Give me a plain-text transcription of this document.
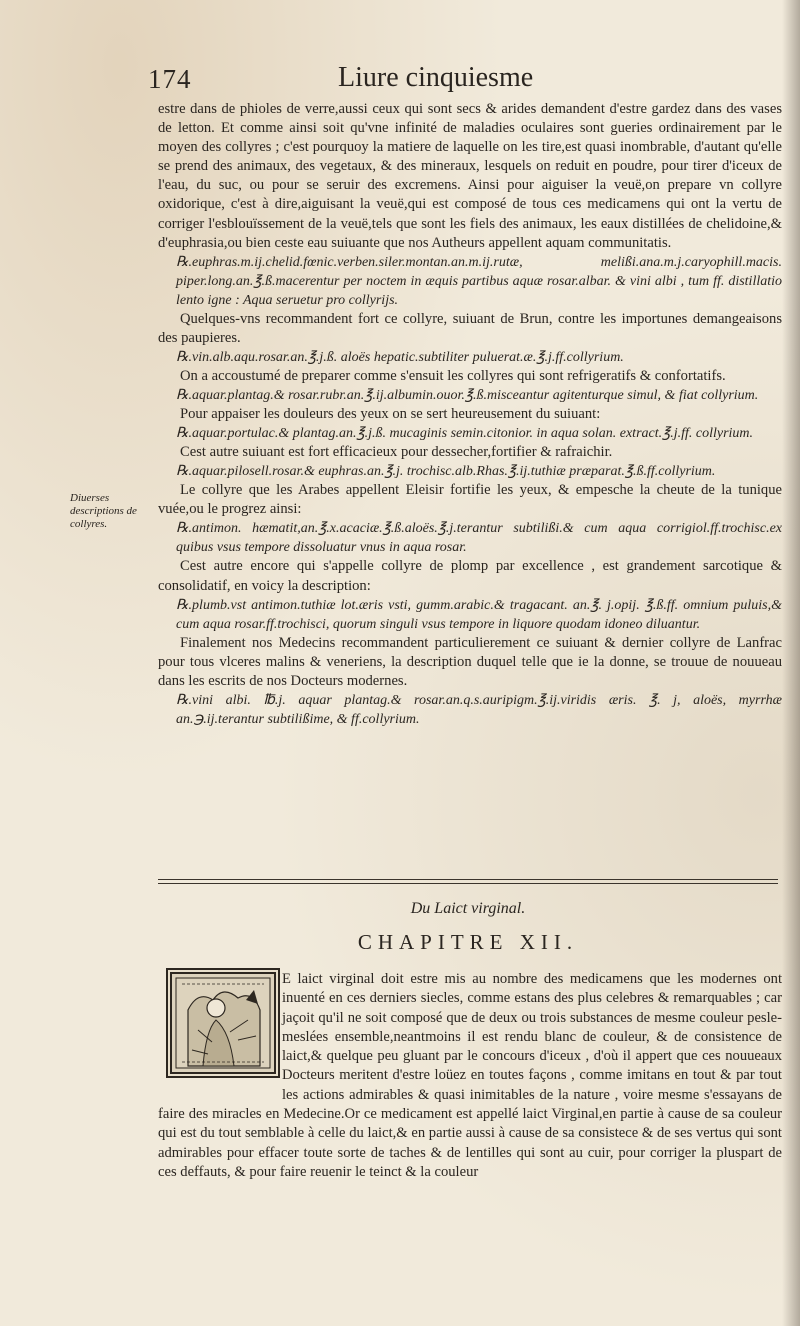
174	Liure cinquiesme
Diuerses descriptions de collyres.

estre dans de phioles de verre,aussi ceux qui sont secs & arides demandent d'estre gardez dans des vases de letton. Et comme ainsi soit qu'vne infinité de maladies oculaires sont gueries ordinairement par le moyen des collyres ; c'est pourquoy la matiere de laquelle on les tire,est quasi inombrable, d'autant qu'elle se prend des animaux, des vegetaux, & des mineraux, lesquels on reduit en poudre, pour tirer d'iceux de l'eau, du suc, ou pour se seruir des excremens. Ainsi pour aiguiser la veuë,on prepare vn collyre oxidorique, c'est à dire,aiguisant la veuë,qui est composé de tous ces medicamens qui ont la vertu de corriger l'esblouïssement de la veuë,tels que sont les fiels des animaux, les eaux distillées de chelidoine,& d'euphrasia,ou bien ceste eau suiuante que nos Autheurs appellent aquam communitatis.

℞.euphras.m.ij.chelid.fœnic.verben.siler.montan.an.m.ij.rutæ, melißi.ana.m.j.caryophill.macis. piper.long.an.℥.ß.macerentur per noctem in æquis partibus aquæ rosar.albar. & vini albi , tum ff. distillatio lento igne : Aqua seruetur pro collyrijs.

Quelques-vns recommandent fort ce collyre, suiuant de Brun, contre les importunes demangeaisons des paupieres.

℞.vin.alb.aqu.rosar.an.℥.j.ß. aloës hepatic.subtiliter puluerat.æ.℥.j.ff.collyrium.

On a accoustumé de preparer comme s'ensuit les collyres qui sont refrigeratifs & confortatifs.

℞.aquar.plantag.& rosar.rubr.an.℥.ij.albumin.ouor.℥.ß.misceantur agitenturque simul, & fiat collyrium.

Pour appaiser les douleurs des yeux on se sert heureusement du suiuant:

℞.aquar.portulac.& plantag.an.℥.j.ß. mucaginis semin.citonior. in aqua solan. extract.℥.j.ff. collyrium.

Cest autre suiuant est fort efficacieux pour dessecher,fortifier & rafraichir.

℞.aquar.pilosell.rosar.& euphras.an.℥.j. trochisc.alb.Rhas.℥.ij.tuthiæ præparat.℥.ß.ff.collyrium.

Le collyre que les Arabes appellent Eleisir fortifie les yeux, & empesche la cheute de la tunique vuée,ou le progrez ainsi:

℞.antimon. hæmatit,an.℥.x.acaciæ.℥.ß.aloës.℥.j.terantur subtilißi.& cum aqua corrigiol.ff.trochisc.ex quibus vsus tempore dissoluatur vnus in aqua rosar.

Cest autre encore qui s'appelle collyre de plomp par excellence , est grandement sarcotique & consolidatif, en voicy la description:

℞.plumb.vst antimon.tuthiæ lot.æris vsti, gumm.arabic.& tragacant. an.℥. j.opij. ℥.ß.ff. omnium puluis,& cum aqua rosar.ff.trochisci, quorum singuli vsus tempore in liquore quodam idoneo diluantur.

Finalement nos Medecins recommandent particulierement ce suiuant & dernier collyre de Lanfrac pour tous vlceres malins & veneriens, la description duquel telle que ie la donne, se trouue de nouueau dans les escrits de nos Docteurs modernes.

℞.vini albi. ℔.j. aquar plantag.& rosar.an.q.s.auripigm.℥.ij.viridis æris. ℥. j, aloës, myrrhæ an.℈.ij.terantur subtilißime, & ff.collyrium.

Du Laict virginal.
CHAPITRE XII.

E laict virginal doit estre mis au nombre des medicamens que les modernes ont inuenté en ces derniers siecles, comme estans des plus celebres & remarquables ; car jaçoit qu'il ne soit composé que de deux ou trois substances de mesme couleur pesle-meslées ensemble,neantmoins il est rendu blanc de couleur, & de consistence de laict,& quelque peu gluant par le concours d'iceux , d'où il appert que ces nouueaux Docteurs meritent d'estre loüez en toutes façons , comme imitans en tout & par tout les actions admirables & quasi inimitables de la nature , voire mesme s'essayans de faire des miracles en Medecine.Or ce medicament est appellé laict Virginal,en partie à cause de sa couleur qui est du tout semblable à celle du laict,& en partie aussi à cause de sa consistece & de ses vertus qui sont admirables pour effacer toute sorte de taches & de lentilles qui sont au cuir, pour corriger la pluspart de ces deffauts, & pour faire reuenir le teinct & la couleur
